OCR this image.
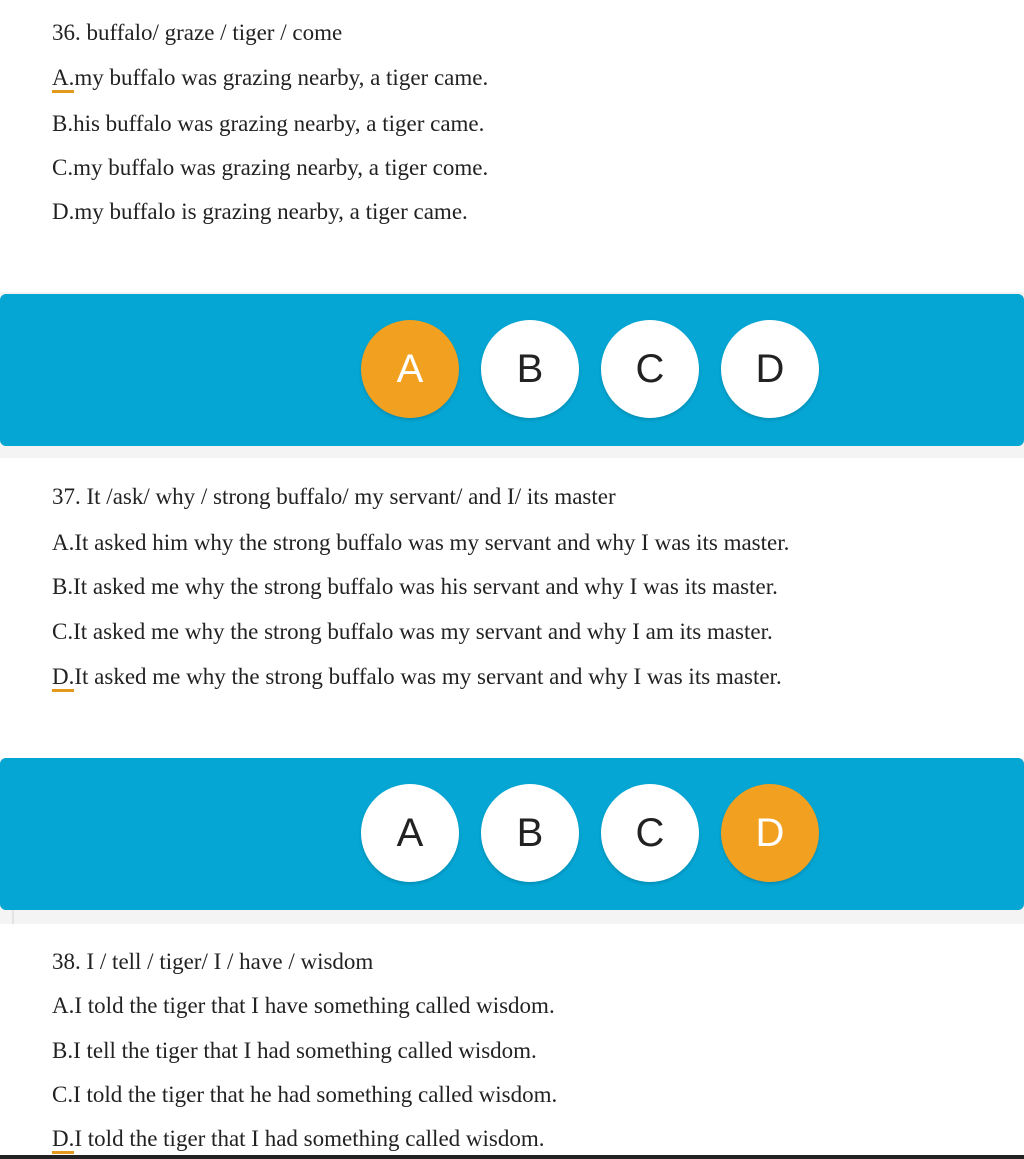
36. buffalo/ graze / tiger / come
A.my buffalo was grazing nearby, a tiger came.
B.his buffalo was grazing nearby, a tiger came.
C.my buffalo was grazing nearby, a tiger come.
D.my buffalo is grazing nearby, a tiger came.
A	B	C	D
37. It /ask/ why / strong buffalo/ my servant/ and I/ its master
A.It asked him why the strong buffalo was my servant and why I was its master.
B.It asked me why the strong buffalo was his servant and why I was its master.
C.It asked me why the strong buffalo was my servant and why I am its master.
D.It asked me why the strong buffalo was my servant and why I was its master.
A	B	C	D
38. I / tell / tiger/ I / have / wisdom
A.I told the tiger that I have something called wisdom.
B.I tell the tiger that I had something called wisdom.
C.I told the tiger that he had something called wisdom.
D.I told the tiger that I had something called wisdom.
